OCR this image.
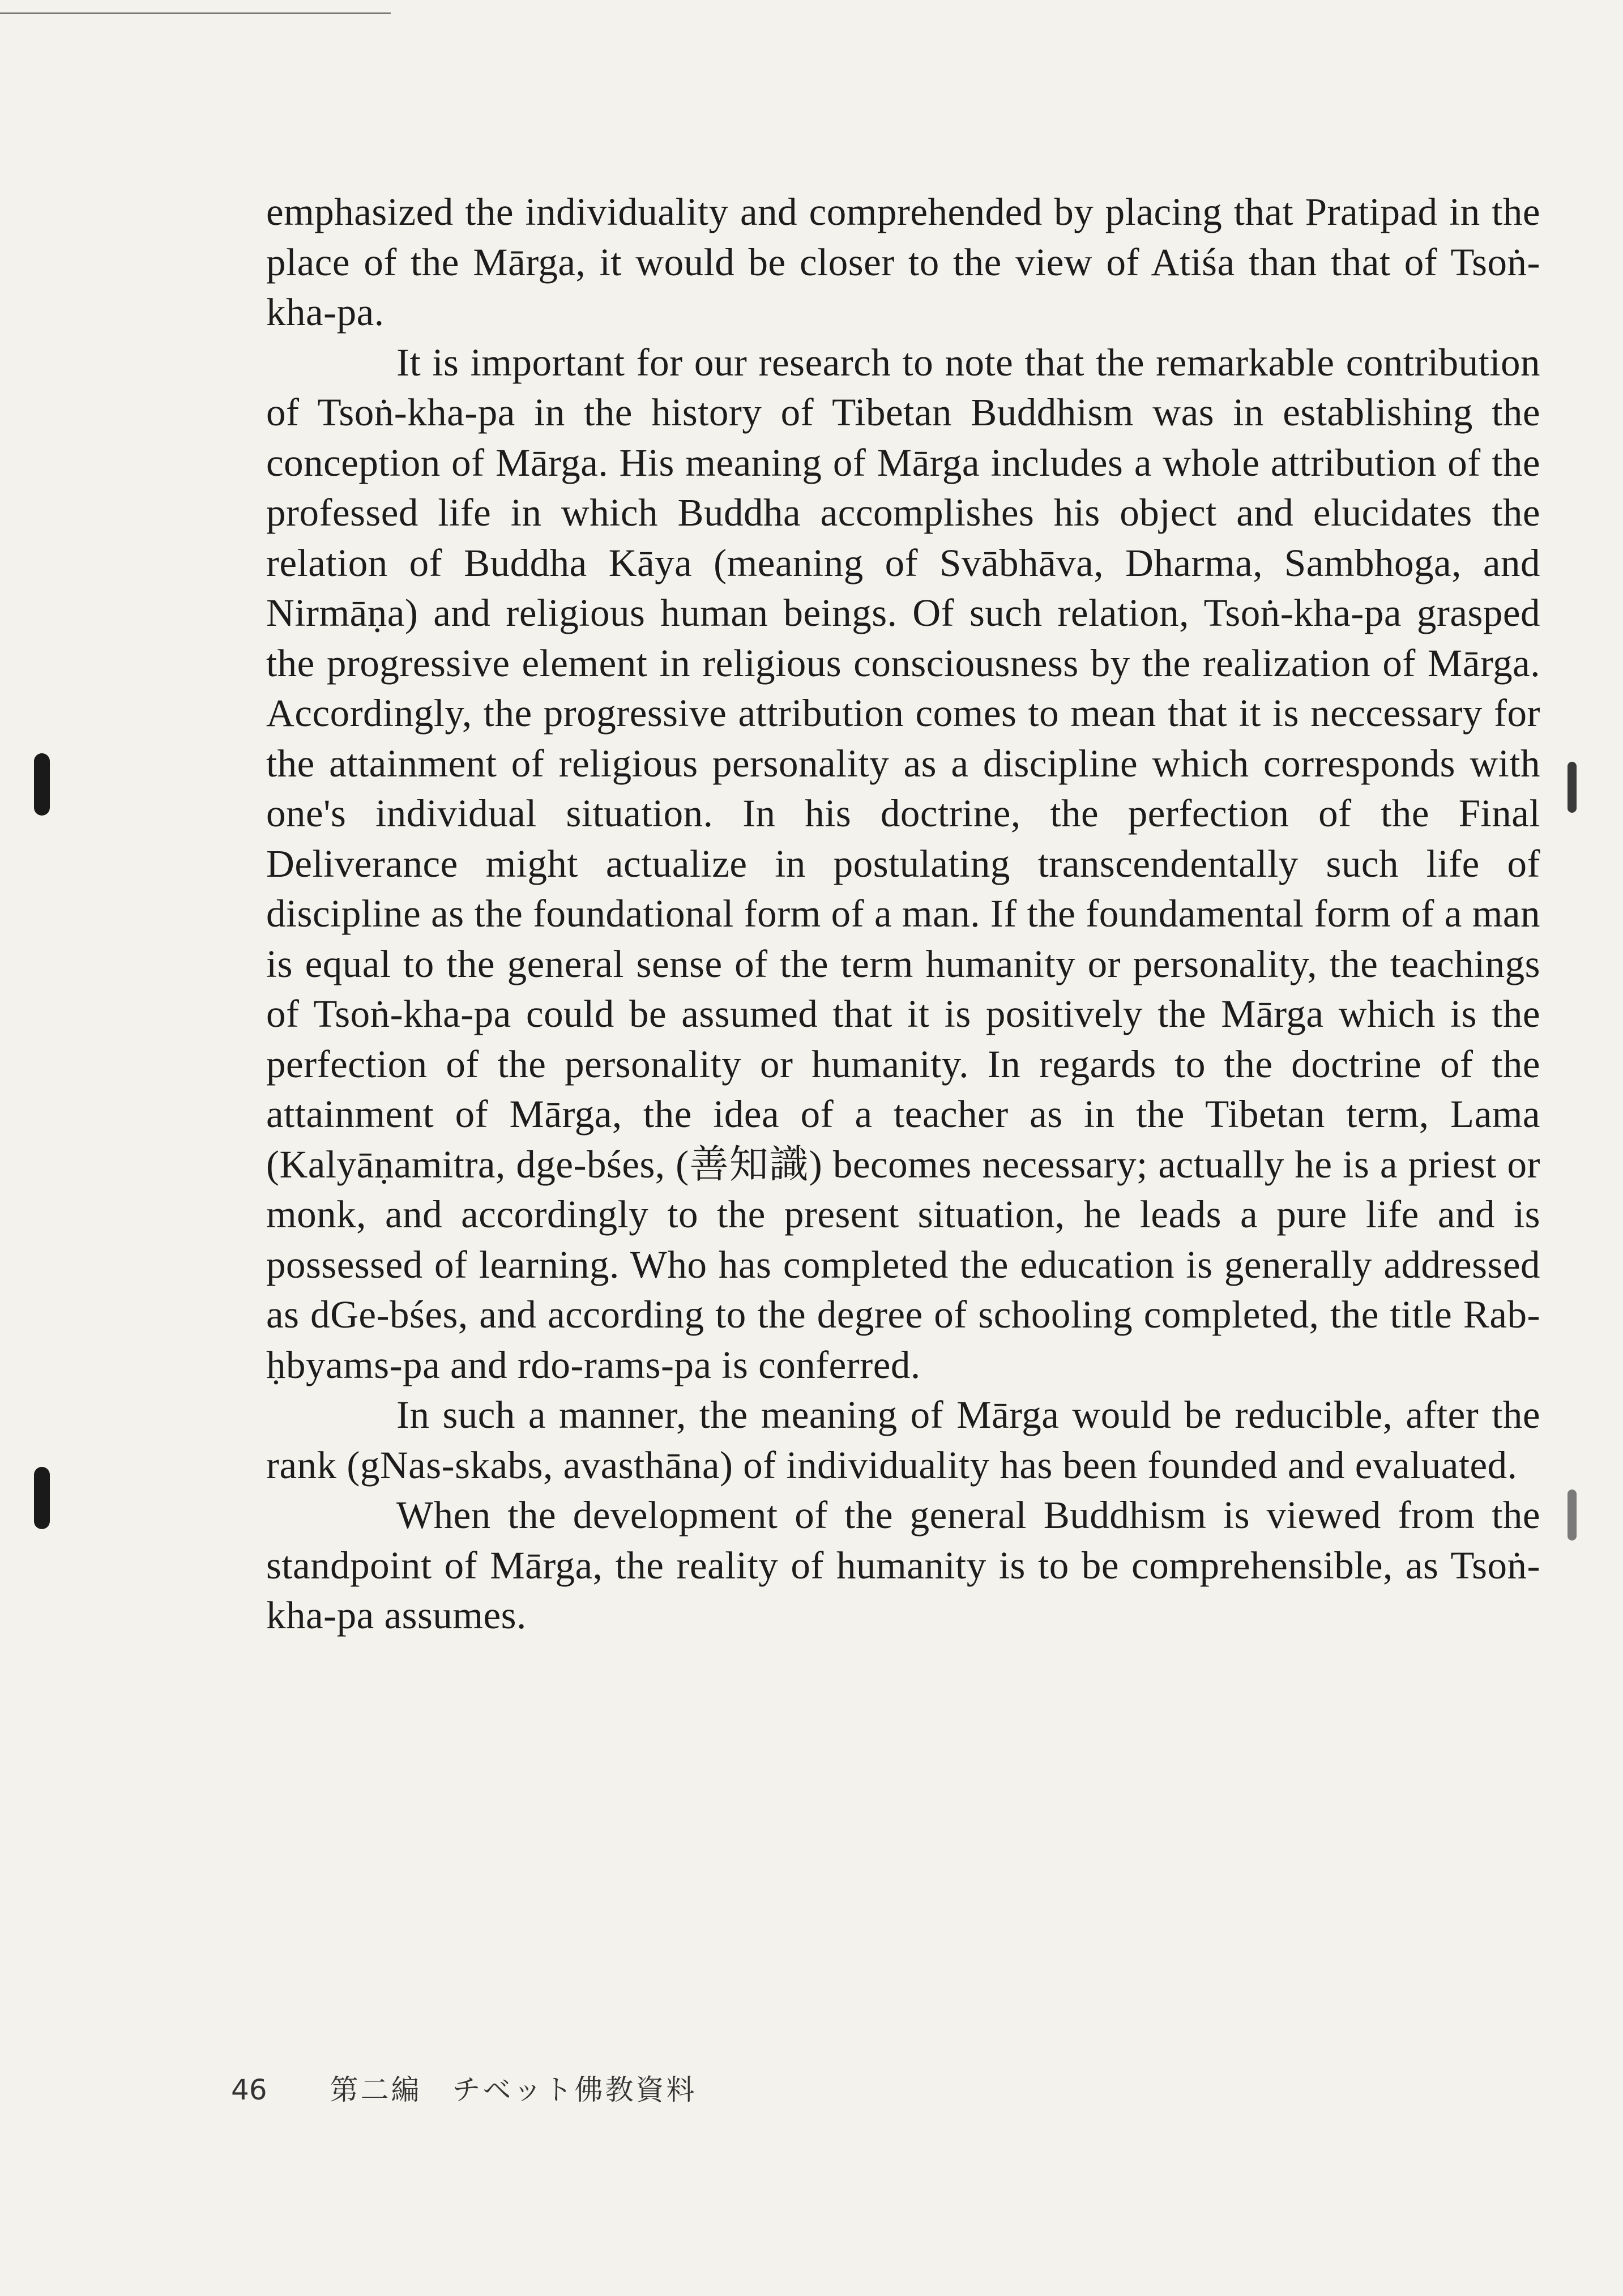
emphasized the individuality and comprehended by placing that Pratipad in the place of the Mārga, it would be closer to the view of Atiśa than that of Tsoṅ-kha-pa.

It is important for our research to note that the remarkable contribution of Tsoṅ-kha-pa in the history of Tibetan Buddhism was in establishing the conception of Mārga. His meaning of Mārga includes a whole attribution of the professed life in which Buddha accomplishes his object and elucidates the relation of Buddha Kāya (meaning of Svābhāva, Dharma, Sambhoga, and Nirmāṇa) and religious human beings. Of such relation, Tsoṅ-kha-pa grasped the progressive element in religious consciousness by the realization of Mārga. Accordingly, the progressive attribution comes to mean that it is neccessary for the attainment of religious personality as a discipline which corresponds with one's individual situation. In his doctrine, the perfection of the Final Deliverance might actualize in postulating transcendentally such life of discipline as the foundational form of a man. If the foundamental form of a man is equal to the general sense of the term humanity or personality, the teachings of Tsoṅ-kha-pa could be assumed that it is positively the Mārga which is the perfection of the personality or humanity. In regards to the doctrine of the attainment of Mārga, the idea of a teacher as in the Tibetan term, Lama (Kalyāṇamitra, dge-bśes, (善知識) becomes necessary; actually he is a priest or monk, and accordingly to the present situation, he leads a pure life and is possessed of learning. Who has completed the education is generally addressed as dGe-bśes, and according to the degree of schooling completed, the title Rab-ḥbyams-pa and rdo-rams-pa is conferred.

In such a manner, the meaning of Mārga would be reducible, after the rank (gNas-skabs, avasthāna) of individuality has been founded and evaluated.

When the development of the general Buddhism is viewed from the standpoint of Mārga, the reality of humanity is to be comprehensible, as Tsoṅ-kha-pa assumes.

46 第二編　チベット佛教資料
